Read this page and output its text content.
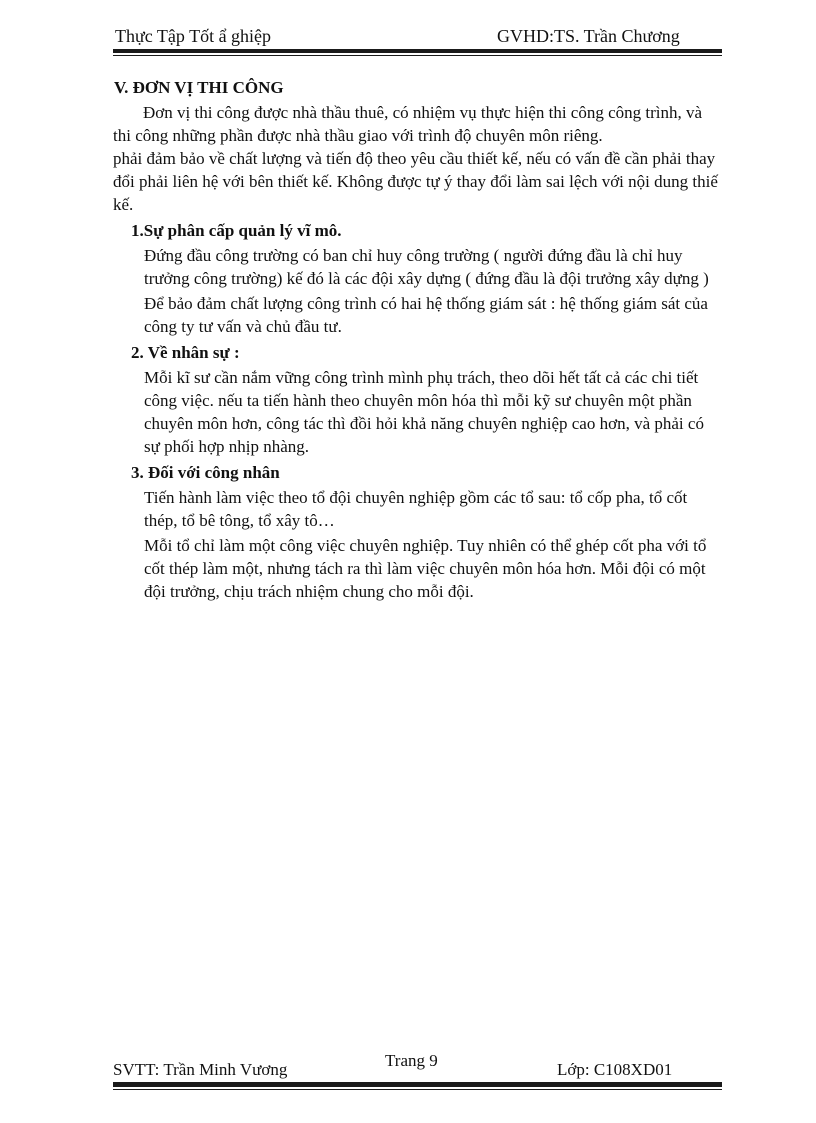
Thực Tập Tốt ẩ ghiệp	GVHD:TS. Trần Chương

V. ĐƠN VỊ THI CÔNG

Đơn vị thi công được nhà thầu thuê, có nhiệm vụ thực hiện thi công công trình, và thi công những phần được nhà thầu giao với trình độ chuyên môn riêng.

phải đảm bảo về chất lượng và tiến độ theo yêu cầu thiết kế, nếu có vấn đề cần phải thay đổi phải liên hệ với bên thiết kế. Không được tự ý thay đổi làm sai lệch với nội dung thiế kế.

1.Sự phân cấp quản lý vĩ mô.

Đứng đầu công trường có ban chỉ huy công trường ( người đứng đầu là chỉ huy trưởng công trường) kế đó là các đội xây dựng ( đứng đầu là đội trưởng xây dựng )

Để bảo đảm chất lượng công trình có hai hệ thống giám sát : hệ thống giám sát của công ty tư vấn và chủ đầu tư.

2. Về nhân sự :

Mỗi kĩ sư cần nắm vững công trình mình phụ trách, theo dõi hết tất cả các chi tiết công việc. nếu ta tiến hành theo chuyên môn hóa thì mỗi kỹ sư chuyên một phần chuyên môn hơn, công tác thì đồi hỏi khả năng chuyên nghiệp cao hơn, và phải có sự phối hợp nhịp nhàng.

3. Đối với công nhân

Tiến hành làm việc theo tổ đội chuyên nghiệp gồm các tổ sau: tổ cốp pha, tổ cốt thép, tổ bê tông, tổ xây tô…

Mỗi tổ chỉ làm một công việc chuyên nghiệp. Tuy nhiên có thể ghép cốt pha với tổ cốt thép làm một, nhưng tách ra thì làm việc chuyên môn hóa hơn. Mỗi đội có một đội trưởng, chịu trách nhiệm chung cho mỗi đội.

SVTT: Trần Minh Vương	Trang 9	Lớp: C108XD01
